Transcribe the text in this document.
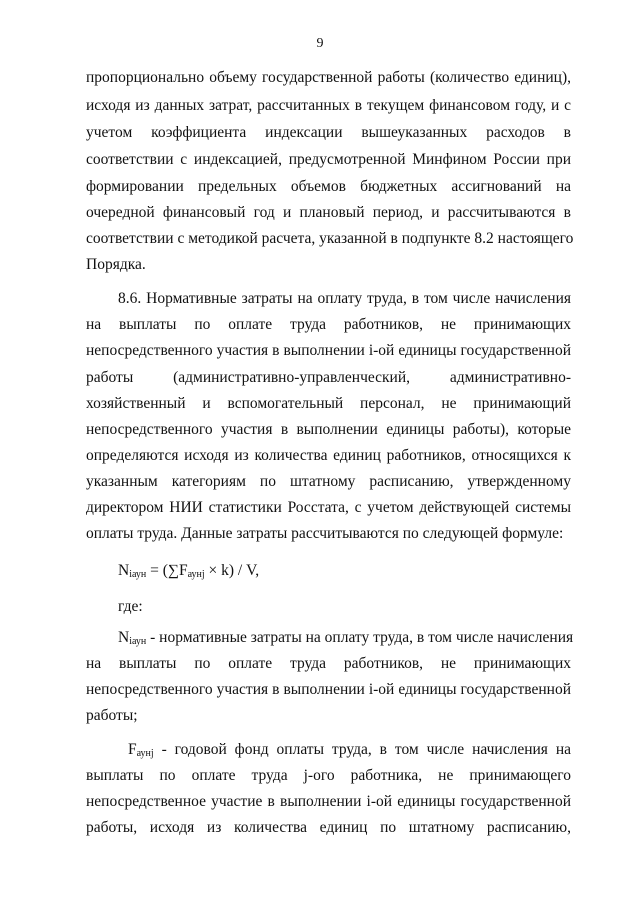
9
пропорционально объему государственной работы (количество единиц),
исходя из данных затрат, рассчитанных в текущем финансовом году, и с
учетом коэффициента индексации вышеуказанных расходов в
соответствии с индексацией, предусмотренной Минфином России при
формировании предельных объемов бюджетных ассигнований на
очередной финансовый год и плановый период, и рассчитываются в
соответствии с методикой расчета, указанной в подпункте 8.2 настоящего
Порядка.
8.6. Нормативные затраты на оплату труда, в том числе начисления
на выплаты по оплате труда работников, не принимающих
непосредственного участия в выполнении i-ой единицы государственной
работы (административно-управленческий, административно-
хозяйственный и вспомогательный персонал, не принимающий
непосредственного участия в выполнении единицы работы), которые
определяются исходя из количества единиц работников, относящихся к
указанным категориям по штатному расписанию, утвержденному
директором НИИ статистики Росстата, с учетом действующей системы
оплаты труда. Данные затраты рассчитываются по следующей формуле:
$N_{iаун} = (\sum F_{аунj} \times k) / V$,
где:
$N_{iаун}$ - нормативные затраты на оплату труда, в том числе начисления
на выплаты по оплате труда работников, не принимающих
непосредственного участия в выполнении i-ой единицы государственной
работы;
$F_{аунj}$ - годовой фонд оплаты труда, в том числе начисления на
выплаты по оплате труда j-ого работника, не принимающего
непосредственное участие в выполнении i-ой единицы государственной
работы, исходя из количества единиц по штатному расписанию,
